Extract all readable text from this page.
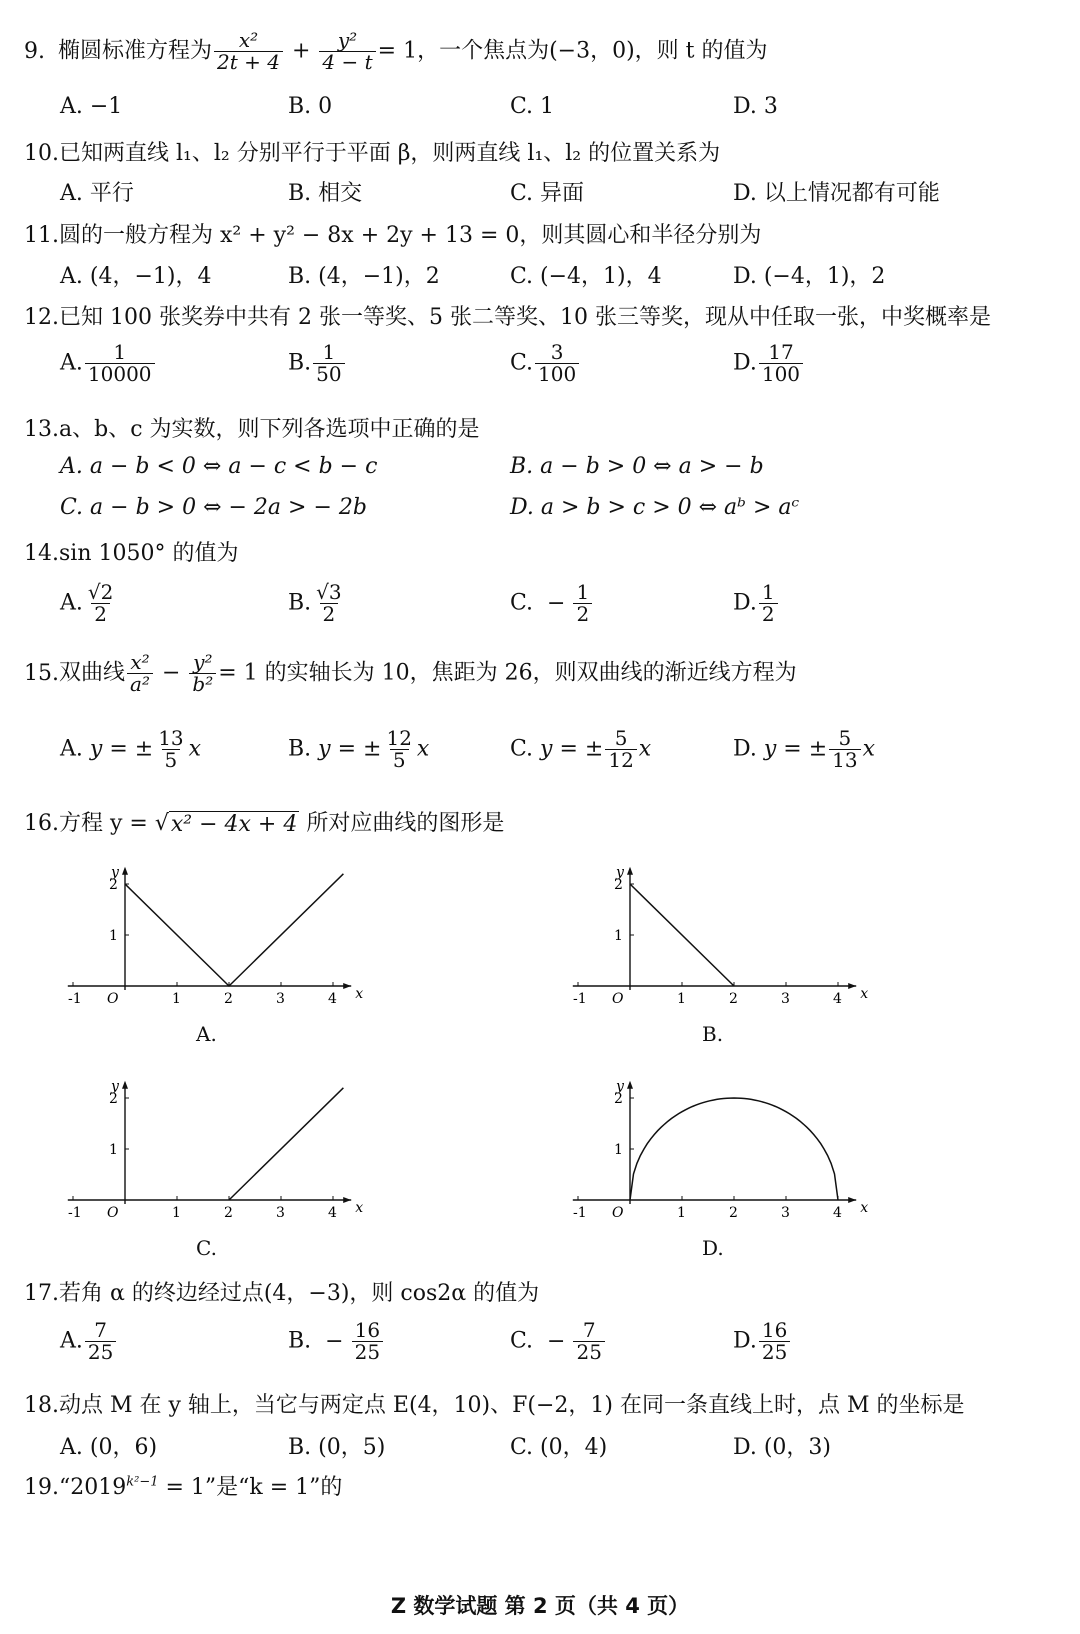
9. 椭圆标准方程为 $\frac{\text{x²}}{2t + 4} + \frac{\text{y²}}{4 - t} = 1$，一个焦点为(−3，0)，则 t 的值为
A. −1	B. 0	C. 1	D. 3
10.已知两直线 l₁、l₂ 分别平行于平面 β，则两直线 l₁、l₂ 的位置关系为
A. 平行	B. 相交	C. 异面	D. 以上情况都有可能
11.圆的一般方程为 x² + y² − 8x + 2y + 13 = 0，则其圆心和半径分别为
A. (4，−1)，4	B. (4，−1)，2	C. (−4，1)，4	D. (−4，1)，2
12.已知 100 张奖券中共有 2 张一等奖、5 张二等奖、10 张三等奖，现从中任取一张，中奖概率是
A. $\frac{1}{10000}$	B. $\frac{1}{50}$	C. $\frac{3}{100}$	D. $\frac{17}{100}$
13.a、b、c 为实数，则下列各选项中正确的是
A. a − b < 0 ⇔ a − c < b − c	B. a − b > 0 ⇔ a > − b
C. a − b > 0 ⇔ − 2a > − 2b	D. a > b > c > 0 ⇔ aᵇ > aᶜ
14.sin 1050° 的值为
A. $\frac{√2}{2}$	B. $\frac{√3}{2}$	C. − $\frac{1}{2}$	D. $\frac{1}{2}$
15.双曲线 $\frac{\text{x²}}{\text{a²}} - \frac{\text{y²}}{\text{b²}} = 1$ 的实轴长为 10，焦距为 26，则双曲线的渐近线方程为
A. y = ± $\frac{13}{5}$ x	B. y = ± $\frac{12}{5}$ x	C. y = ± $\frac{5}{12}$ x	D. y = ± $\frac{5}{13}$ x
16.方程 y = √ x² − 4x + 4 所对应曲线的图形是
y
x
O
-1	1	2	3	4
1
2
A.
y
x
O
-1	1	2	3	4
1
2
B.
y
x
O
-1	1	2	3	4
1
2
C.
y
x
O
-1	1	2	3	4
1
2
D.
17.若角 α 的终边经过点(4，−3)，则 cos2α 的值为
A. $\frac{7}{25}$	B. − $\frac{16}{25}$	C. − $\frac{7}{25}$	D. $\frac{16}{25}$
18.动点 M 在 y 轴上，当它与两定点 E(4，10)、F(−2，1) 在同一条直线上时，点 M 的坐标是
A. (0，6)	B. (0，5)	C. (0，4)	D. (0，3)
$19.“2019^{k^2-1} = 1$”是“k = 1”的
Z 数学试题 第 2 页（共 4 页）
